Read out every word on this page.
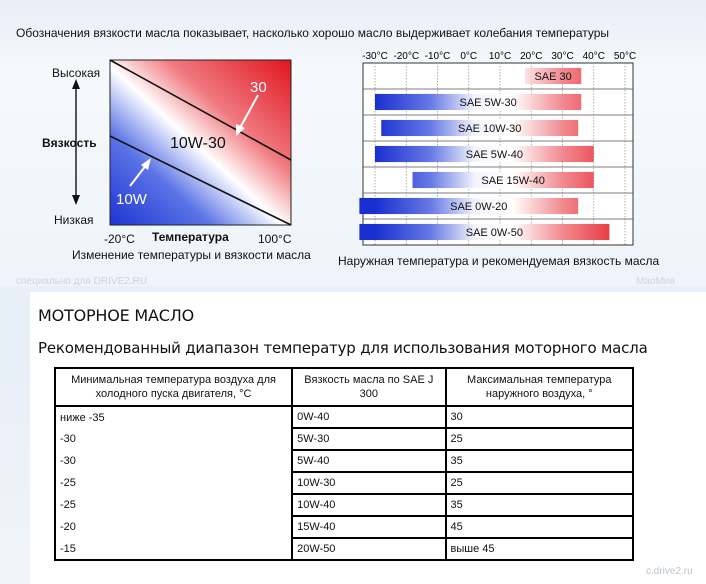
Обозначения вязкости масла показывает, насколько хорошо масло выдерживает колебания температуры
30
10W-30
10W
Высокая
Вязкость
Низкая
-20°С Температура 100°С
Изменение температуры и вязкости масла
-30°С -20°С -10°С 0°С 10°С 20°С 30°С 40°С 50°С
SAE 30
SAE 5W-30
SAE 10W-30
SAE 5W-40
SAE 15W-40
SAE 0W-20
SAE 0W-50
Наружная температура и рекомендуемая вязкость масла
специально для DRIVE2.RU	МаоМия
МОТОРНОЕ МАСЛО
Рекомендованный диапазон температур для использования моторного масла
Минимальная температура воздуха для холодного пуска двигателя, °С	Вязкость масла по SAE J 300	Максимальная температура наружного воздуха, °
ниже -35	0W-40	30
-30	5W-30	25
-30	5W-40	35
-25	10W-30	25
-25	10W-40	35
-20	15W-40	45
-15	20W-50	выше 45
c.drive2.ru
